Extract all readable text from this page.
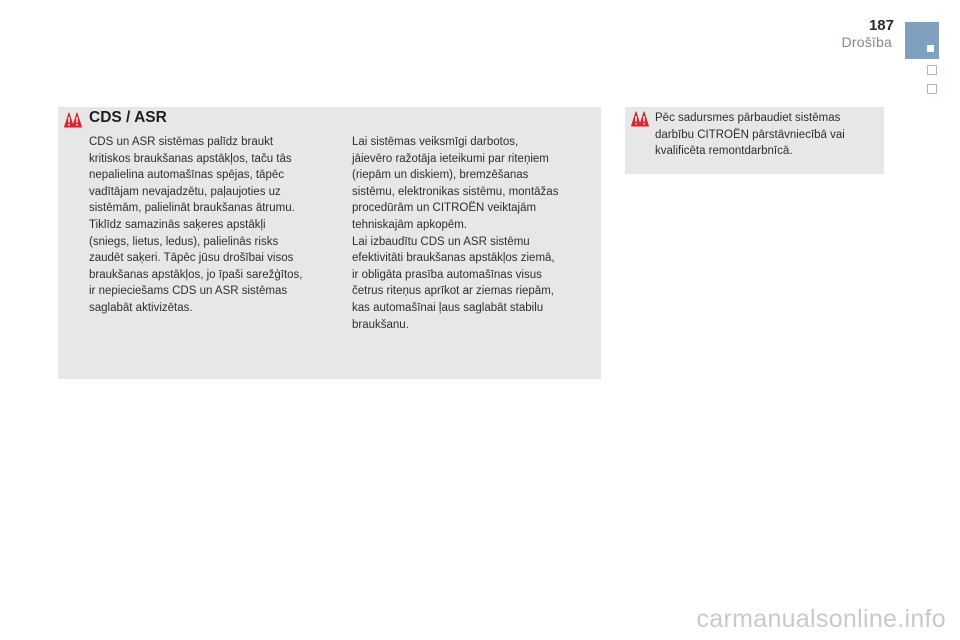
187
Drošība
CDS / ASR

CDS un ASR sistēmas palīdz braukt
kritiskos braukšanas apstākļos, taču tās
nepalielina automašīnas spējas, tāpēc
vadītājam nevajadzētu, paļaujoties uz
sistēmām, palielināt braukšanas ātrumu.
Tiklīdz samazinās saķeres apstākļi
(sniegs, lietus, ledus), palielinās risks
zaudēt saķeri. Tāpēc jūsu drošībai visos
braukšanas apstākļos, jo īpaši sarežģītos,
ir nepieciešams CDS un ASR sistēmas
saglabāt aktivizētas.

Lai sistēmas veiksmīgi darbotos,
jāievēro ražotāja ieteikumi par riteņiem
(riepām un diskiem), bremzēšanas
sistēmu, elektronikas sistēmu, montāžas
procedūrām un CITROËN veiktajām
tehniskajām apkopēm.
Lai izbaudītu CDS un ASR sistēmu
efektivitāti braukšanas apstākļos ziemā,
ir obligāta prasība automašīnas visus
četrus riteņus aprīkot ar ziemas riepām,
kas automašīnai ļaus saglabāt stabilu
braukšanu.

Pēc sadursmes pārbaudiet sistēmas
darbību CITROËN pārstāvniecībā vai
kvalificēta remontdarbnīcā.

carmanualsonline.info
